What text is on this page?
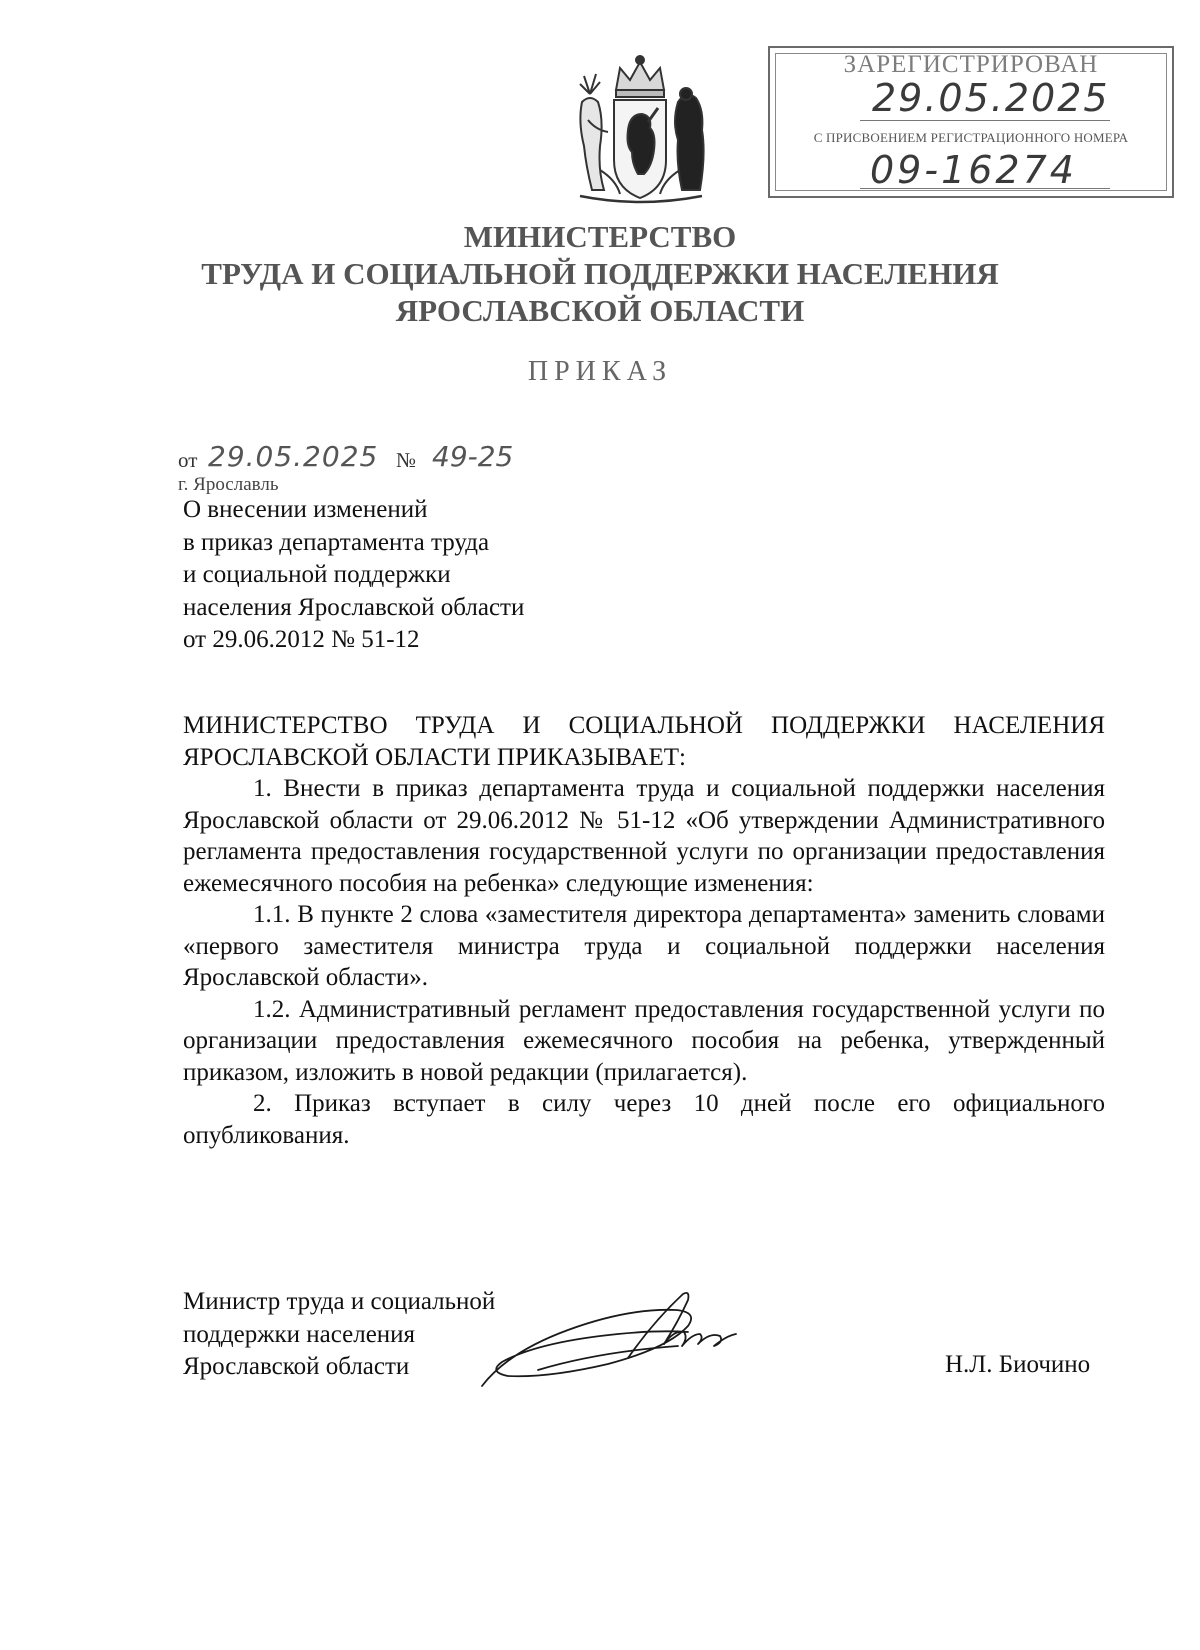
ЗАРЕГИСТРИРОВАН
29.05.2025
С ПРИСВОЕНИЕМ РЕГИСТРАЦИОННОГО НОМЕРА
09-16274
МИНИСТЕРСТВО
ТРУДА И СОЦИАЛЬНОЙ ПОДДЕРЖКИ НАСЕЛЕНИЯ
ЯРОСЛАВСКОЙ ОБЛАСТИ
ПРИКАЗ
от 29.05.2025 № 49-25
г. Ярославль
О внесении изменений
в приказ департамента труда
и социальной поддержки
населения Ярославской области
от 29.06.2012 № 51-12

МИНИСТЕРСТВО ТРУДА И СОЦИАЛЬНОЙ ПОДДЕРЖКИ НАСЕЛЕНИЯ ЯРОСЛАВСКОЙ ОБЛАСТИ ПРИКАЗЫВАЕТ:

1. Внести в приказ департамента труда и социальной поддержки населения Ярославской области от 29.06.2012 № 51-12 «Об утверждении Административного регламента предоставления государственной услуги по организации предоставления ежемесячного пособия на ребенка» следующие изменения:

1.1. В пункте 2 слова «заместителя директора департамента» заменить словами «первого заместителя министра труда и социальной поддержки населения Ярославской области».

1.2. Административный регламент предоставления государственной услуги по организации предоставления ежемесячного пособия на ребенка, утвержденный приказом, изложить в новой редакции (прилагается).

2. Приказ вступает в силу через 10 дней после его официального опубликования.

Министр труда и социальной
поддержки населения
Ярославской области	Н.Л. Биочино
